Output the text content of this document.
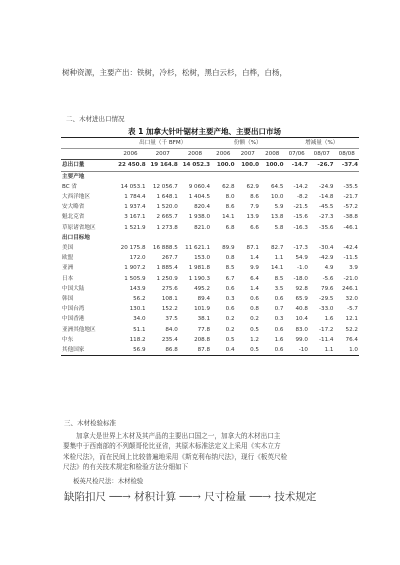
树种资源，主要产出：铁树，冷杉，松树，黑白云杉，白桦，白杨，
二、木材进出口情况
表 1 加拿大针叶锯材主要产地、主要出口市场
	出口量（千 BFM）			份额（%）			增减量（%）		
	2006	2007	2008	2006	2007	2008	07/06	08/07	08/08
总出口量	22 450.8	19 164.8	14 052.3	100.0	100.0	100.0	-14.7	-26.7	-37.4
主要产地									
BC 省	14 053.1	12 056.7	9 060.4	62.8	62.9	64.5	-14.2	-24.9	-35.5
大西洋地区	1 784.4	1 648.1	1 404.5	8.0	8.6	10.0	-8.2	-14.8	-21.7
安大略省	1 937.4	1 520.0	820.4	8.6	7.9	5.9	-21.5	-45.5	-57.2
魁北克省	3 167.1	2 665.7	1 938.0	14.1	13.9	13.8	-15.6	-27.3	-38.8
草原诸省地区	1 521.9	1 273.8	821.0	6.8	6.6	5.8	-16.3	-35.6	-46.1
出口目标地									
美国	20 175.8	16 888.5	11 621.1	89.9	87.1	82.7	-17.3	-30.4	-42.4
欧盟	172.0	267.7	153.0	0.8	1.4	1.1	54.9	-42.9	-11.5
亚洲	1 907.2	1 885.4	1 981.8	8.5	9.9	14.1	-1.0	4.9	3.9
日本	1 505.9	1 250.9	1 190.3	6.7	6.4	8.5	-18.0	-5.6	-21.0
中国大陆	143.9	275.6	495.2	0.6	1.4	3.5	92.8	79.6	246.1
韩国	56.2	108.1	89.4	0.3	0.6	0.6	65.9	-29.5	32.0
中国台湾	130.1	152.2	101.9	0.6	0.8	0.7	40.8	-33.0	-5.7
中国香港	34.0	37.5	38.1	0.2	0.2	0.3	10.4	1.6	12.1
亚洲其他地区	51.1	84.0	77.8	0.2	0.5	0.6	83.0	-17.2	52.2
中东	118.2	235.4	208.8	0.5	1.2	1.6	99.0	-11.4	76.4
其他国家	56.9	86.8	87.8	0.4	0.5	0.6	-10	1.1	1.0
三、木材检验标准
加拿大是世界上木材及其产品的主要出口国之一，加拿大的木材出口主
要集中于西南部的不列颠哥伦比亚省，其原木标准法定义上采用《实木立方
米检尺法》，而在民间上比较普遍地采用《斯克利布纳尺法》，现行《板英尺检
尺法》的有关技术规定和检验方法分细如下
板英尺检尺法：木材检验
缺陷扣尺 ──→ 材积计算 ──→ 尺寸检量 ──→ 技术规定
